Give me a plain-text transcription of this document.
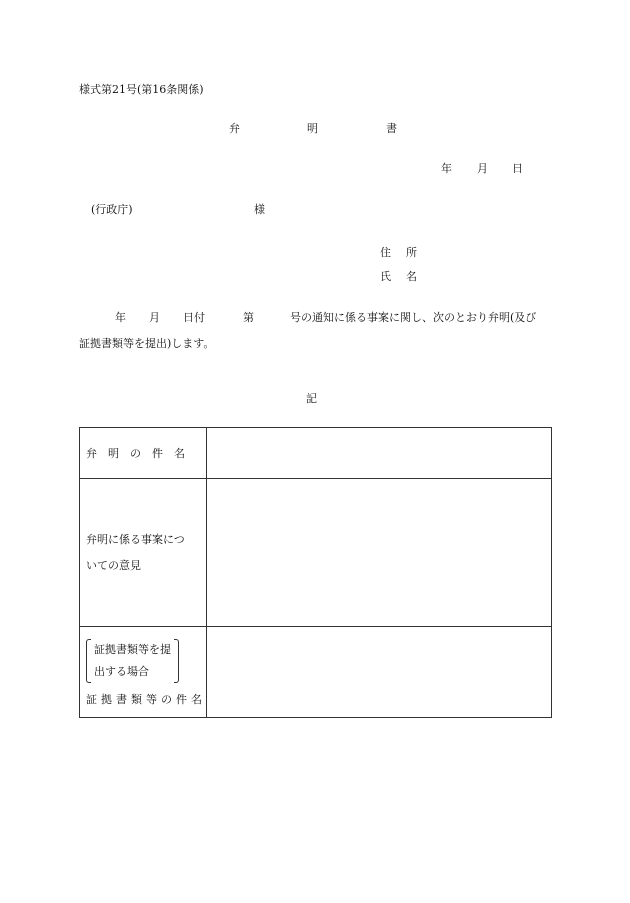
様式第21号(第16条関係)
弁	明	書
年 月 日
(行政庁)	様
住 所
氏 名
年 月 日付	第	号の通知に係る事案に関し、次のとおり弁明(及び
証拠書類等を提出)します。
記
弁明の件名	

弁明に係る事案につ
いての意見	

証拠書類等を提
出する場合
証拠書類等の件名	
